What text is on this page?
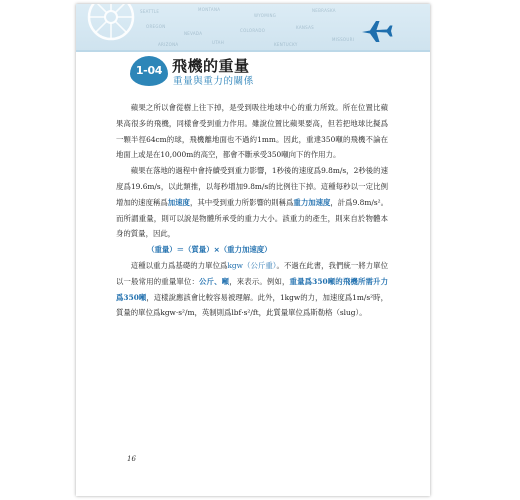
SEATTLE	MONTANA
WYOMING
NEBRASKA
OREGON
NEVADA
COLORADO
KANSAS
UTAH
ARIZONA
MISSOURI
KENTUCKY
1-04 飛機的重量
重量與重力的關係

蘋果之所以會從樹上往下掉，是受到吸往地球中心的重力所致。所在位置比蘋果高很多的飛機，同樣會受到重力作用。雖說位置比蘋果要高，但若把地球比擬爲一顆半徑64cm的球，飛機離地面也不過約1mm。因此，重達350噸的飛機不論在地面上或是在10,000m的高空，都會不斷承受350噸向下的作用力。

蘋果在落地的過程中會持續受到重力影響，1秒後的速度爲9.8m/s，2秒後的速度爲19.6m/s，以此類推，以每秒增加9.8m/s的比例往下掉。這種每秒以一定比例增加的速度稱爲加速度，其中受到重力所影響的則稱爲重力加速度，計爲9.8m/s²。而所謂重量，則可以說是物體所承受的重力大小。該重力的產生，則來自於物體本身的質量，因此，

（重量）＝（質量）×（重力加速度）

這種以重力爲基礎的力單位爲kgw（公斤重）。不過在此書，我們統一將力單位以一般常用的重量單位：公斤、噸，來表示。例如，重量爲350噸的飛機所需升力爲350噸，這樣說應該會比較容易被理解。此外，1kgw的力，加速度爲1m/s²時，質量的單位爲kgw·s²/m，英制則爲lbf·s²/ft，此質量單位爲斯勒格（slug）。

16
